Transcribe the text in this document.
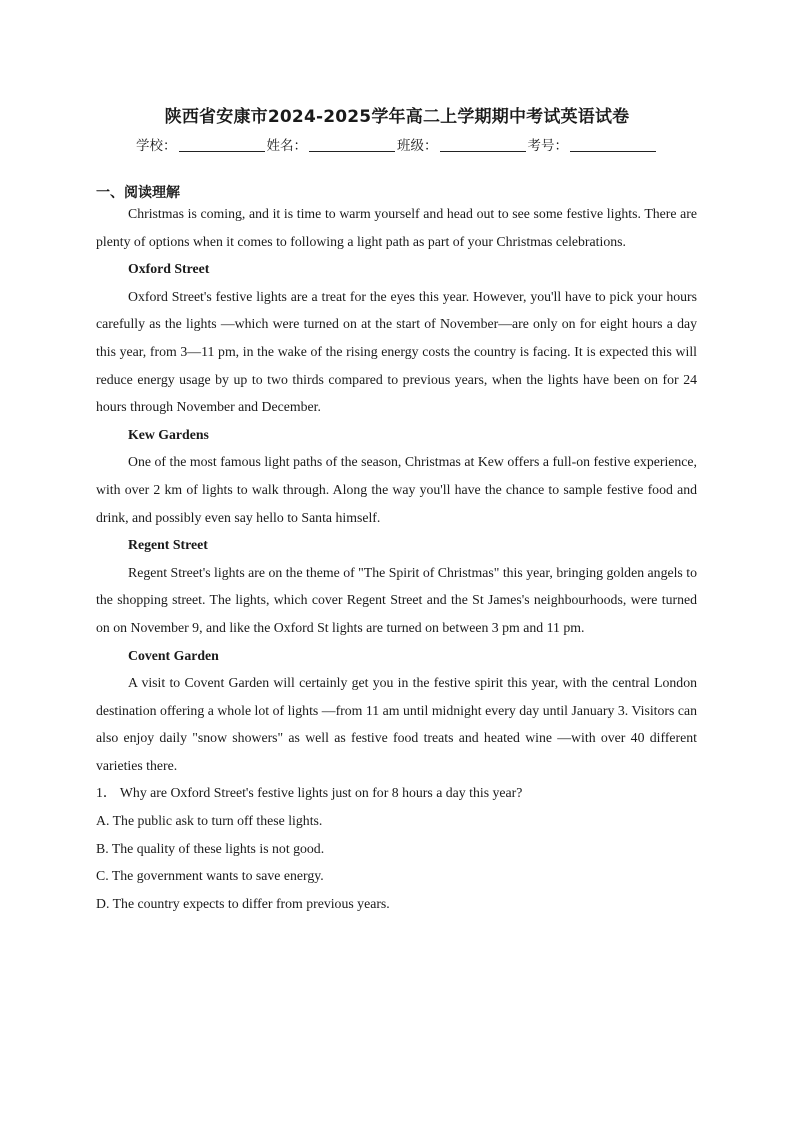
陕西省安康市2024-2025学年高二上学期期中考试英语试卷
学校：	姓名：	班级：	考号：
一、阅读理解

Christmas is coming, and it is time to warm yourself and head out to see some festive lights. There are plenty of options when it comes to following a light path as part of your Christmas celebrations.

Oxford Street

Oxford Street's festive lights are a treat for the eyes this year. However, you'll have to pick your hours carefully as the lights —which were turned on at the start of November—are only on for eight hours a day this year, from 3—11 pm, in the wake of the rising energy costs the country is facing. It is expected this will reduce energy usage by up to two thirds compared to previous years, when the lights have been on for 24 hours through November and December.

Kew Gardens

One of the most famous light paths of the season, Christmas at Kew offers a full-on festive experience, with over 2 km of lights to walk through. Along the way you'll have the chance to sample festive food and drink, and possibly even say hello to Santa himself.

Regent Street

Regent Street's lights are on the theme of "The Spirit of Christmas" this year, bringing golden angels to the shopping street. The lights, which cover Regent Street and the St James's neighbourhoods, were turned on on November 9, and like the Oxford St lights are turned on between 3 pm and 11 pm.

Covent Garden

A visit to Covent Garden will certainly get you in the festive spirit this year, with the central London destination offering a whole lot of lights —from 11 am until midnight every day until January 3. Visitors can also enjoy daily "snow showers" as well as festive food treats and heated wine —with over 40 different varieties there.

1． Why are Oxford Street's festive lights just on for 8 hours a day this year?

A. The public ask to turn off these lights.

B. The quality of these lights is not good.

C. The government wants to save energy.

D. The country expects to differ from previous years.
